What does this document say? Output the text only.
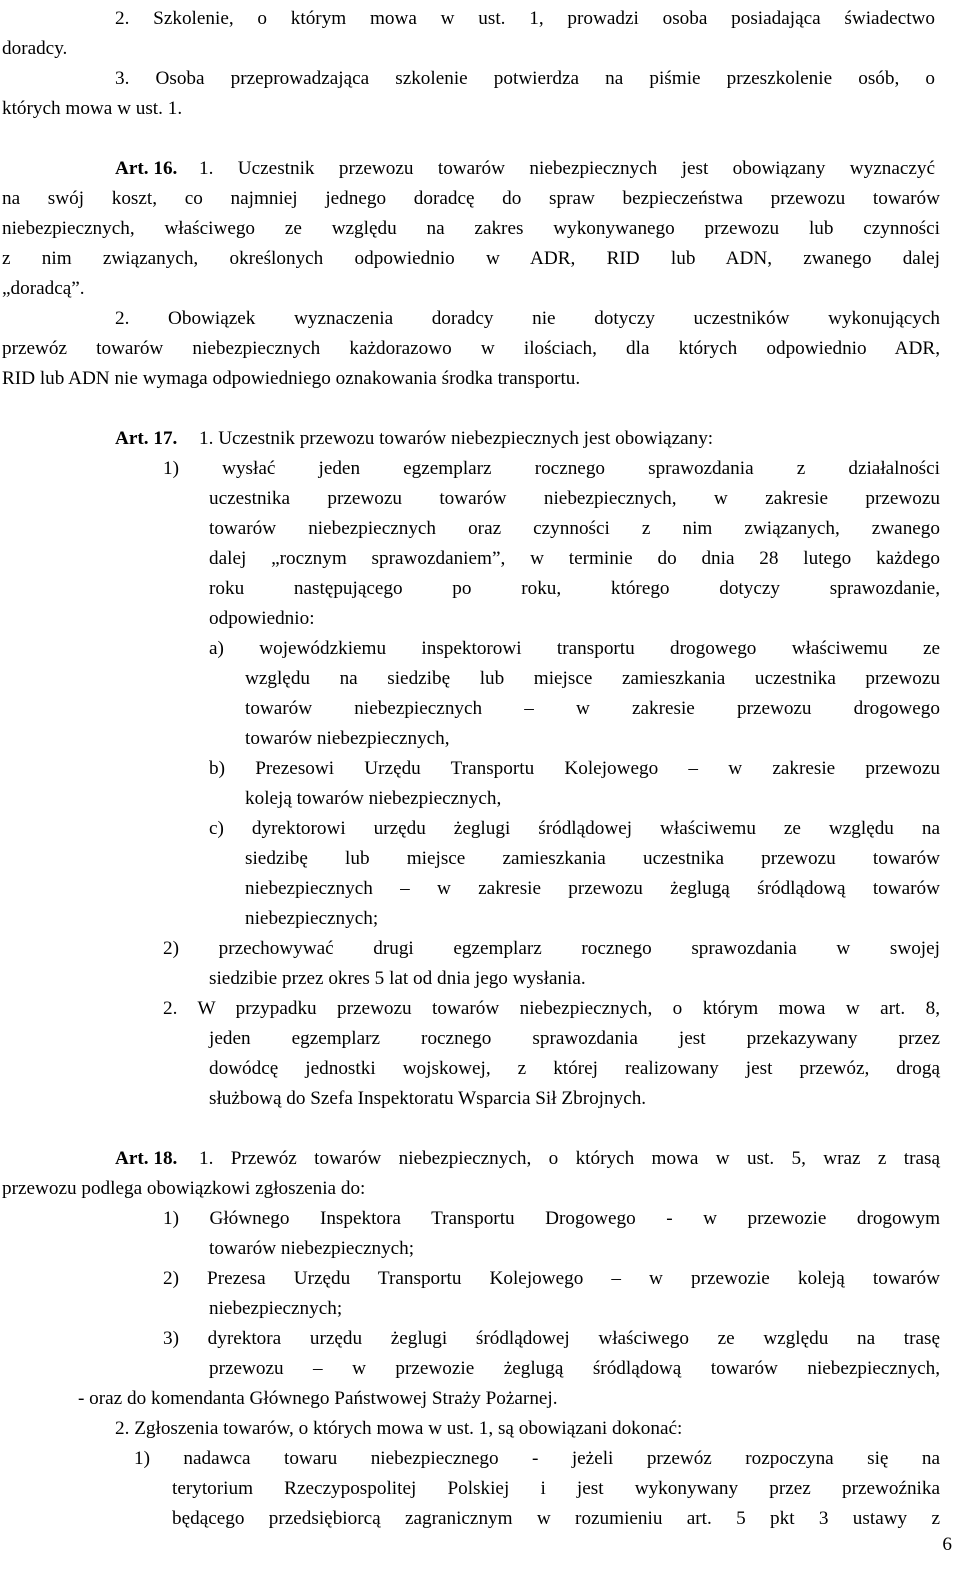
2. Szkolenie, o którym mowa w ust. 1, prowadzi osoba posiadająca świadectwo
doradcy.
3. Osoba przeprowadzająca szkolenie potwierdza na piśmie przeszkolenie osób, o
których mowa w ust. 1.
Art. 16. 1. Uczestnik przewozu towarów niebezpiecznych jest obowiązany wyznaczyć
na swój koszt, co najmniej jednego doradcę do spraw bezpieczeństwa przewozu towarów
niebezpiecznych, właściwego ze względu na zakres wykonywanego przewozu lub czynności
z nim związanych, określonych odpowiednio w ADR, RID lub ADN, zwanego dalej
„doradcą”.
2. Obowiązek wyznaczenia doradcy nie dotyczy uczestników wykonujących
przewóz towarów niebezpiecznych każdorazowo w ilościach, dla których odpowiednio ADR,
RID lub ADN nie wymaga odpowiedniego oznakowania środka transportu.
Art. 17. 1. Uczestnik przewozu towarów niebezpiecznych jest obowiązany:
1) wysłać jeden egzemplarz rocznego sprawozdania z działalności
uczestnika przewozu towarów niebezpiecznych, w zakresie przewozu
towarów niebezpiecznych oraz czynności z nim związanych, zwanego
dalej „rocznym sprawozdaniem”, w terminie do dnia 28 lutego każdego
roku następującego po roku, którego dotyczy sprawozdanie,
odpowiednio:
a) wojewódzkiemu inspektorowi transportu drogowego właściwemu ze
względu na siedzibę lub miejsce zamieszkania uczestnika przewozu
towarów niebezpiecznych – w zakresie przewozu drogowego
towarów niebezpiecznych,
b) Prezesowi Urzędu Transportu Kolejowego – w zakresie przewozu
koleją towarów niebezpiecznych,
c) dyrektorowi urzędu żeglugi śródlądowej właściwemu ze względu na
siedzibę lub miejsce zamieszkania uczestnika przewozu towarów
niebezpiecznych – w zakresie przewozu żeglugą śródlądową towarów
niebezpiecznych;
2) przechowywać drugi egzemplarz rocznego sprawozdania w swojej
siedzibie przez okres 5 lat od dnia jego wysłania.
2. W przypadku przewozu towarów niebezpiecznych, o którym mowa w art. 8,
jeden egzemplarz rocznego sprawozdania jest przekazywany przez
dowódcę jednostki wojskowej, z której realizowany jest przewóz, drogą
służbową do Szefa Inspektoratu Wsparcia Sił Zbrojnych.
Art. 18. 1. Przewóz towarów niebezpiecznych, o których mowa w ust. 5, wraz z trasą
przewozu podlega obowiązkowi zgłoszenia do:
1) Głównego Inspektora Transportu Drogowego - w przewozie drogowym
towarów niebezpiecznych;
2) Prezesa Urzędu Transportu Kolejowego – w przewozie koleją towarów
niebezpiecznych;
3) dyrektora urzędu żeglugi śródlądowej właściwego ze względu na trasę
przewozu – w przewozie żeglugą śródlądową towarów niebezpiecznych,
- oraz do komendanta Głównego Państwowej Straży Pożarnej.
2. Zgłoszenia towarów, o których mowa w ust. 1, są obowiązani dokonać:
1) nadawca towaru niebezpiecznego - jeżeli przewóz rozpoczyna się na
terytorium Rzeczypospolitej Polskiej i jest wykonywany przez przewoźnika
będącego przedsiębiorcą zagranicznym w rozumieniu art. 5 pkt 3 ustawy z
6
